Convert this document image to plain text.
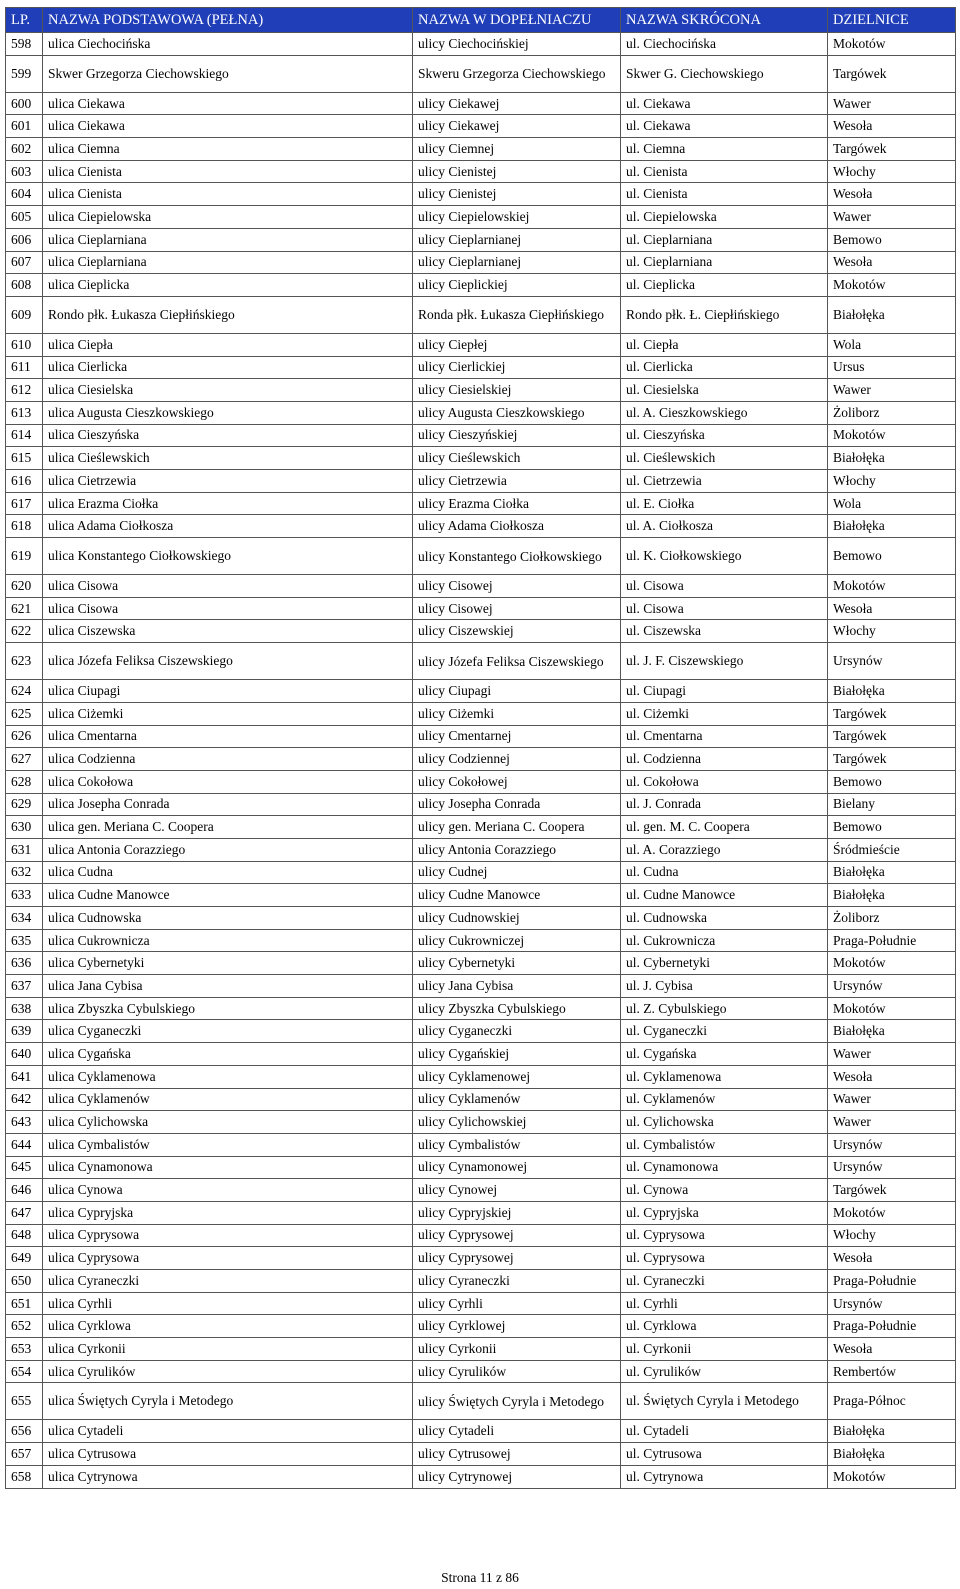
LP.	NAZWA PODSTAWOWA (PEŁNA)	NAZWA W DOPEŁNIACZU	NAZWA SKRÓCONA	DZIELNICE
598	ulica Ciechocińska	ulicy Ciechocińskiej	ul. Ciechocińska	Mokotów
599	Skwer Grzegorza Ciechowskiego	Skweru Grzegorza Ciechowskiego	Skwer G. Ciechowskiego	Targówek
600	ulica Ciekawa	ulicy Ciekawej	ul. Ciekawa	Wawer
601	ulica Ciekawa	ulicy Ciekawej	ul. Ciekawa	Wesoła
602	ulica Ciemna	ulicy Ciemnej	ul. Ciemna	Targówek
603	ulica Cienista	ulicy Cienistej	ul. Cienista	Włochy
604	ulica Cienista	ulicy Cienistej	ul. Cienista	Wesoła
605	ulica Ciepielowska	ulicy Ciepielowskiej	ul. Ciepielowska	Wawer
606	ulica Cieplarniana	ulicy Cieplarnianej	ul. Cieplarniana	Bemowo
607	ulica Cieplarniana	ulicy Cieplarnianej	ul. Cieplarniana	Wesoła
608	ulica Cieplicka	ulicy Cieplickiej	ul. Cieplicka	Mokotów
609	Rondo płk. Łukasza Ciepłińskiego	Ronda płk. Łukasza Ciepłińskiego	Rondo płk. Ł. Ciepłińskiego	Białołęka
610	ulica Ciepła	ulicy Ciepłej	ul. Ciepła	Wola
611	ulica Cierlicka	ulicy Cierlickiej	ul. Cierlicka	Ursus
612	ulica Ciesielska	ulicy Ciesielskiej	ul. Ciesielska	Wawer
613	ulica Augusta Cieszkowskiego	ulicy Augusta Cieszkowskiego	ul. A. Cieszkowskiego	Żoliborz
614	ulica Cieszyńska	ulicy Cieszyńskiej	ul. Cieszyńska	Mokotów
615	ulica Cieślewskich	ulicy Cieślewskich	ul. Cieślewskich	Białołęka
616	ulica Cietrzewia	ulicy Cietrzewia	ul. Cietrzewia	Włochy
617	ulica Erazma Ciołka	ulicy Erazma Ciołka	ul. E. Ciołka	Wola
618	ulica Adama Ciołkosza	ulicy Adama Ciołkosza	ul. A. Ciołkosza	Białołęka
619	ulica Konstantego Ciołkowskiego	ulicy Konstantego Ciołkowskiego	ul. K. Ciołkowskiego	Bemowo
620	ulica Cisowa	ulicy Cisowej	ul. Cisowa	Mokotów
621	ulica Cisowa	ulicy Cisowej	ul. Cisowa	Wesoła
622	ulica Ciszewska	ulicy Ciszewskiej	ul. Ciszewska	Włochy
623	ulica Józefa Feliksa Ciszewskiego	ulicy Józefa Feliksa Ciszewskiego	ul. J. F. Ciszewskiego	Ursynów
624	ulica Ciupagi	ulicy Ciupagi	ul. Ciupagi	Białołęka
625	ulica Ciżemki	ulicy Ciżemki	ul. Ciżemki	Targówek
626	ulica Cmentarna	ulicy Cmentarnej	ul. Cmentarna	Targówek
627	ulica Codzienna	ulicy Codziennej	ul. Codzienna	Targówek
628	ulica Cokołowa	ulicy Cokołowej	ul. Cokołowa	Bemowo
629	ulica Josepha Conrada	ulicy Josepha Conrada	ul. J. Conrada	Bielany
630	ulica gen. Meriana C. Coopera	ulicy gen. Meriana C. Coopera	ul. gen. M. C. Coopera	Bemowo
631	ulica Antonia Corazziego	ulicy Antonia Corazziego	ul. A. Corazziego	Śródmieście
632	ulica Cudna	ulicy Cudnej	ul. Cudna	Białołęka
633	ulica Cudne Manowce	ulicy Cudne Manowce	ul. Cudne Manowce	Białołęka
634	ulica Cudnowska	ulicy Cudnowskiej	ul. Cudnowska	Żoliborz
635	ulica Cukrownicza	ulicy Cukrowniczej	ul. Cukrownicza	Praga-Południe
636	ulica Cybernetyki	ulicy Cybernetyki	ul. Cybernetyki	Mokotów
637	ulica Jana Cybisa	ulicy Jana Cybisa	ul. J. Cybisa	Ursynów
638	ulica Zbyszka Cybulskiego	ulicy Zbyszka Cybulskiego	ul. Z. Cybulskiego	Mokotów
639	ulica Cyganeczki	ulicy Cyganeczki	ul. Cyganeczki	Białołęka
640	ulica Cygańska	ulicy Cygańskiej	ul. Cygańska	Wawer
641	ulica Cyklamenowa	ulicy Cyklamenowej	ul. Cyklamenowa	Wesoła
642	ulica Cyklamenów	ulicy Cyklamenów	ul. Cyklamenów	Wawer
643	ulica Cylichowska	ulicy Cylichowskiej	ul. Cylichowska	Wawer
644	ulica Cymbalistów	ulicy Cymbalistów	ul. Cymbalistów	Ursynów
645	ulica Cynamonowa	ulicy Cynamonowej	ul. Cynamonowa	Ursynów
646	ulica Cynowa	ulicy Cynowej	ul. Cynowa	Targówek
647	ulica Cypryjska	ulicy Cypryjskiej	ul. Cypryjska	Mokotów
648	ulica Cyprysowa	ulicy Cyprysowej	ul. Cyprysowa	Włochy
649	ulica Cyprysowa	ulicy Cyprysowej	ul. Cyprysowa	Wesoła
650	ulica Cyraneczki	ulicy Cyraneczki	ul. Cyraneczki	Praga-Południe
651	ulica Cyrhli	ulicy Cyrhli	ul. Cyrhli	Ursynów
652	ulica Cyrklowa	ulicy Cyrklowej	ul. Cyrklowa	Praga-Południe
653	ulica Cyrkonii	ulicy Cyrkonii	ul. Cyrkonii	Wesoła
654	ulica Cyrulików	ulicy Cyrulików	ul. Cyrulików	Rembertów
655	ulica Świętych Cyryla i Metodego	ulicy Świętych Cyryla i Metodego	ul. Świętych Cyryla i Metodego	Praga-Północ
656	ulica Cytadeli	ulicy Cytadeli	ul. Cytadeli	Białołęka
657	ulica Cytrusowa	ulicy Cytrusowej	ul. Cytrusowa	Białołęka
658	ulica Cytrynowa	ulicy Cytrynowej	ul. Cytrynowa	Mokotów
Strona 11 z 86
